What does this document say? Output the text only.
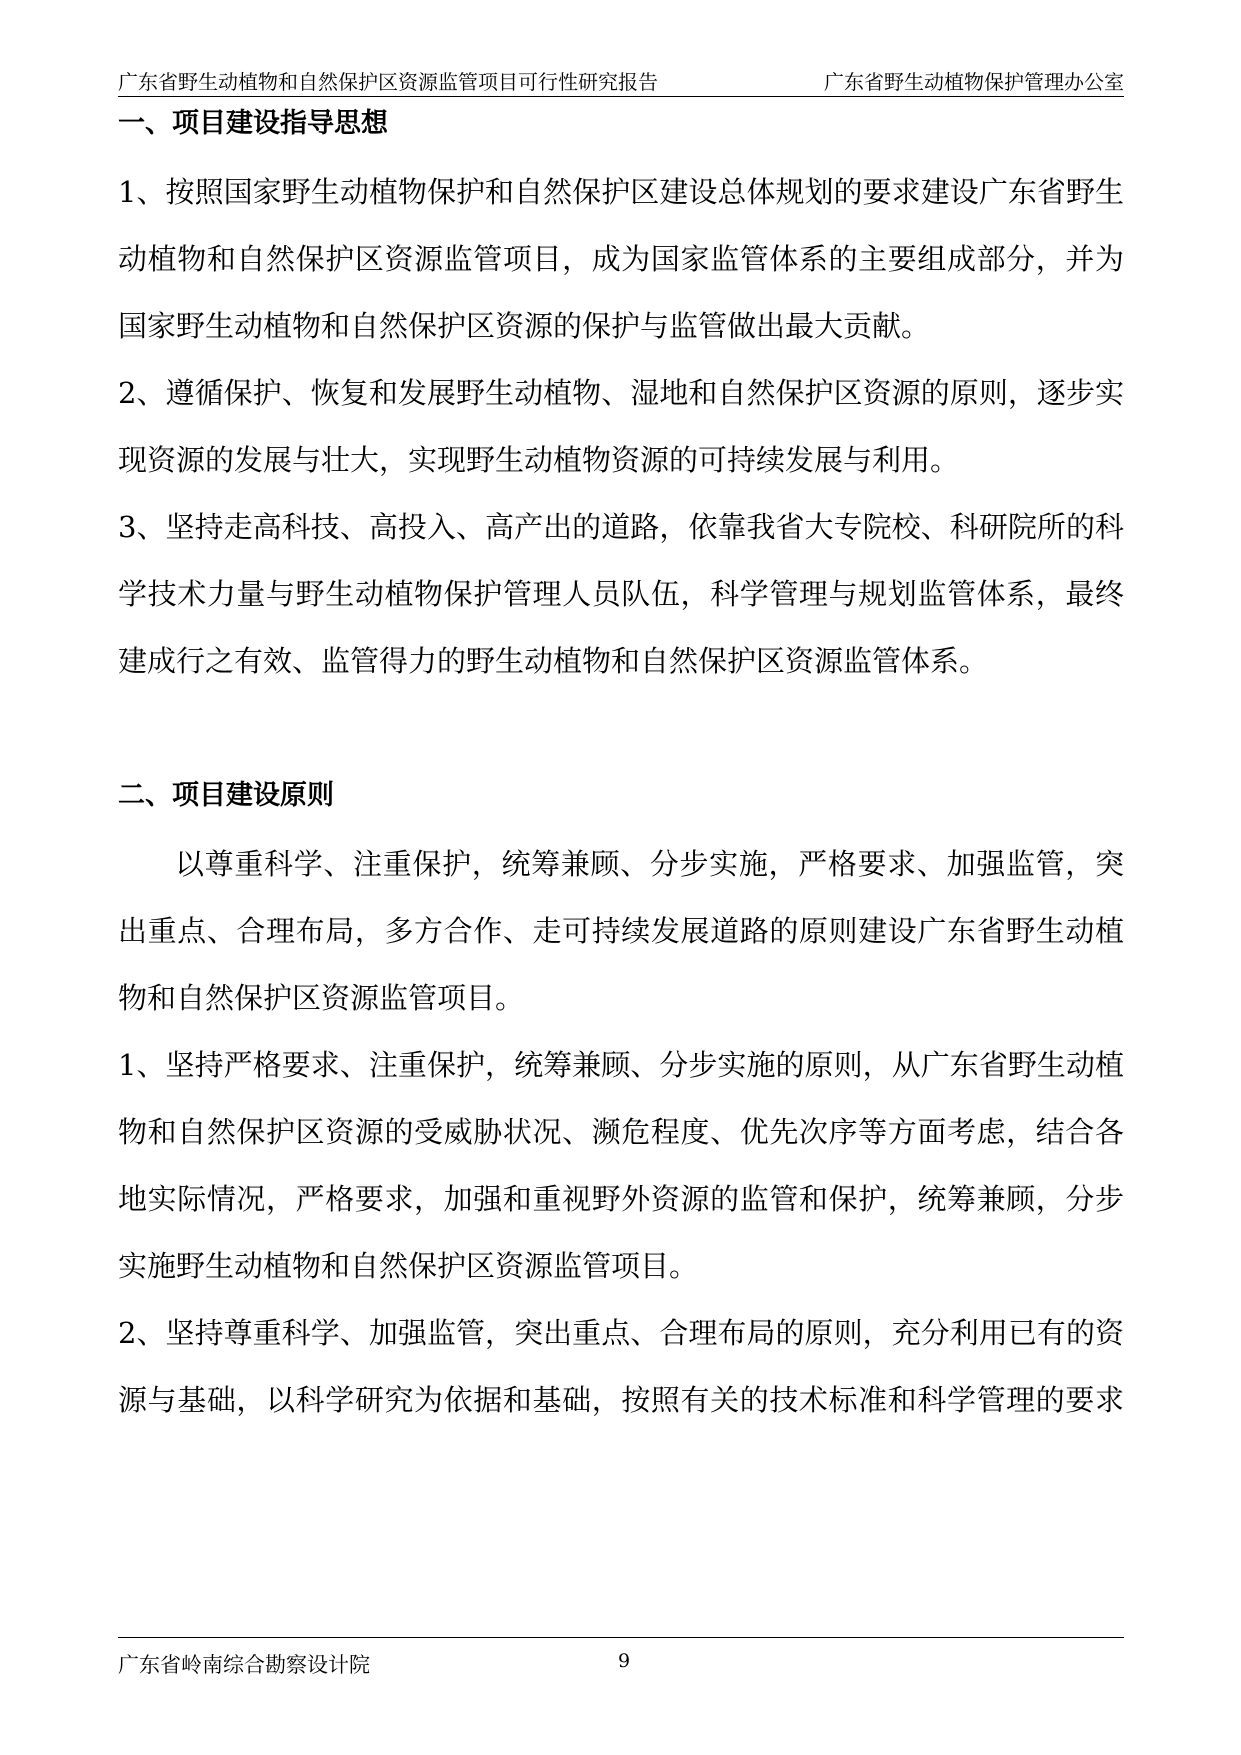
广东省野生动植物和自然保护区资源监管项目可行性研究报告	广东省野生动植物保护管理办公室
一、项目建设指导思想
1、按照国家野生动植物保护和自然保护区建设总体规划的要求建设广东省野生
动植物和自然保护区资源监管项目，成为国家监管体系的主要组成部分，并为
国家野生动植物和自然保护区资源的保护与监管做出最大贡献。
2、遵循保护、恢复和发展野生动植物、湿地和自然保护区资源的原则，逐步实
现资源的发展与壮大，实现野生动植物资源的可持续发展与利用。
3、坚持走高科技、高投入、高产出的道路，依靠我省大专院校、科研院所的科
学技术力量与野生动植物保护管理人员队伍，科学管理与规划监管体系，最终
建成行之有效、监管得力的野生动植物和自然保护区资源监管体系。
二、项目建设原则
以尊重科学、注重保护，统筹兼顾、分步实施，严格要求、加强监管，突
出重点、合理布局，多方合作、走可持续发展道路的原则建设广东省野生动植
物和自然保护区资源监管项目。
1、坚持严格要求、注重保护，统筹兼顾、分步实施的原则，从广东省野生动植
物和自然保护区资源的受威胁状况、濒危程度、优先次序等方面考虑，结合各
地实际情况，严格要求，加强和重视野外资源的监管和保护，统筹兼顾，分步
实施野生动植物和自然保护区资源监管项目。
2、坚持尊重科学、加强监管，突出重点、合理布局的原则，充分利用已有的资
源与基础，以科学研究为依据和基础，按照有关的技术标准和科学管理的要求
广东省岭南综合勘察设计院	9
